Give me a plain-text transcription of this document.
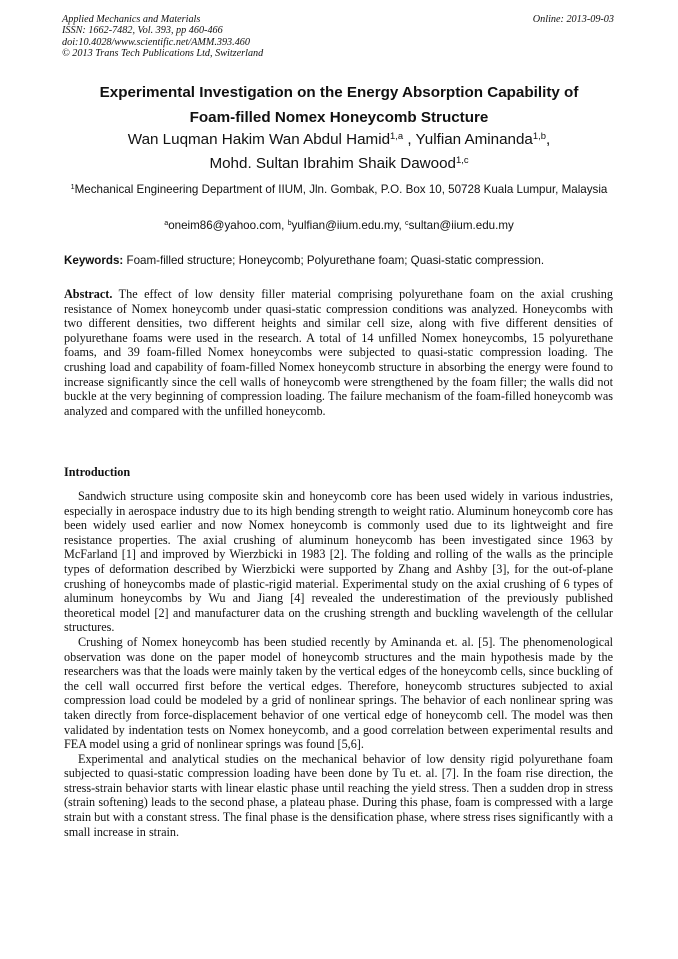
Applied Mechanics and Materials
ISSN: 1662-7482, Vol. 393, pp 460-466
doi:10.4028/www.scientific.net/AMM.393.460
© 2013 Trans Tech Publications Ltd, Switzerland
Online: 2013-09-03
Experimental Investigation on the Energy Absorption Capability of
Foam-filled Nomex Honeycomb Structure
Wan Luqman Hakim Wan Abdul Hamid$^{1,a}$ , Yulfian Aminanda$^{1,b}$,
Mohd. Sultan Ibrahim Shaik Dawood$^{1,c}$
$^1$Mechanical Engineering Department of IIUM, Jln. Gombak, P.O. Box 10, 50728 Kuala Lumpur, Malaysia
$^a$oneim86@yahoo.com, $^b$yulfian@iium.edu.my, $^c$sultan@iium.edu.my
Keywords: Foam-filled structure; Honeycomb; Polyurethane foam; Quasi-static compression.
Abstract. The effect of low density filler material comprising polyurethane foam on the axial crushing resistance of Nomex honeycomb under quasi-static compression conditions was analyzed. Honeycombs with two different densities, two different heights and similar cell size, along with five different densities of polyurethane foams were used in the research. A total of 14 unfilled Nomex honeycombs, 15 polyurethane foams, and 39 foam-filled Nomex honeycombs were subjected to quasi-static compression loading. The crushing load and capability of foam-filled Nomex honeycomb structure in absorbing the energy were found to increase significantly since the cell walls of honeycomb were strengthened by the foam filler; the walls did not buckle at the very beginning of compression loading. The failure mechanism of the foam-filled honeycomb was analyzed and compared with the unfilled honeycomb.
Introduction

Sandwich structure using composite skin and honeycomb core has been used widely in various industries, especially in aerospace industry due to its high bending strength to weight ratio. Aluminum honeycomb core has been widely used earlier and now Nomex honeycomb is commonly used due to its lightweight and fire resistance properties. The axial crushing of aluminum honeycomb has been investigated since 1963 by McFarland [1] and improved by Wierzbicki in 1983 [2]. The folding and rolling of the walls as the principle types of deformation described by Wierzbicki were supported by Zhang and Ashby [3], for the out-of-plane crushing of honeycombs made of plastic-rigid material. Experimental study on the axial crushing of 6 types of aluminum honeycombs by Wu and Jiang [4] revealed the underestimation of the previously published theoretical model [2] and manufacturer data on the crushing strength and buckling wavelength of the cellular structures.

Crushing of Nomex honeycomb has been studied recently by Aminanda et. al. [5]. The phenomenological observation was done on the paper model of honeycomb structures and the main hypothesis made by the researchers was that the loads were mainly taken by the vertical edges of the honeycomb cells, since buckling of the cell wall occurred first before the vertical edges. Therefore, honeycomb structures subjected to axial compression load could be modeled by a grid of nonlinear springs. The behavior of each nonlinear spring was taken directly from force-displacement behavior of one vertical edge of honeycomb cell. The model was then validated by indentation tests on Nomex honeycomb, and a good correlation between experimental results and FEA model using a grid of nonlinear springs was found [5,6].

Experimental and analytical studies on the mechanical behavior of low density rigid polyurethane foam subjected to quasi-static compression loading have been done by Tu et. al. [7]. In the foam rise direction, the stress-strain behavior starts with linear elastic phase until reaching the yield stress. Then a sudden drop in stress (strain softening) leads to the second phase, a plateau phase. During this phase, foam is compressed with a large strain but with a constant stress. The final phase is the densification phase, where stress rises significantly with a small increase in strain.
